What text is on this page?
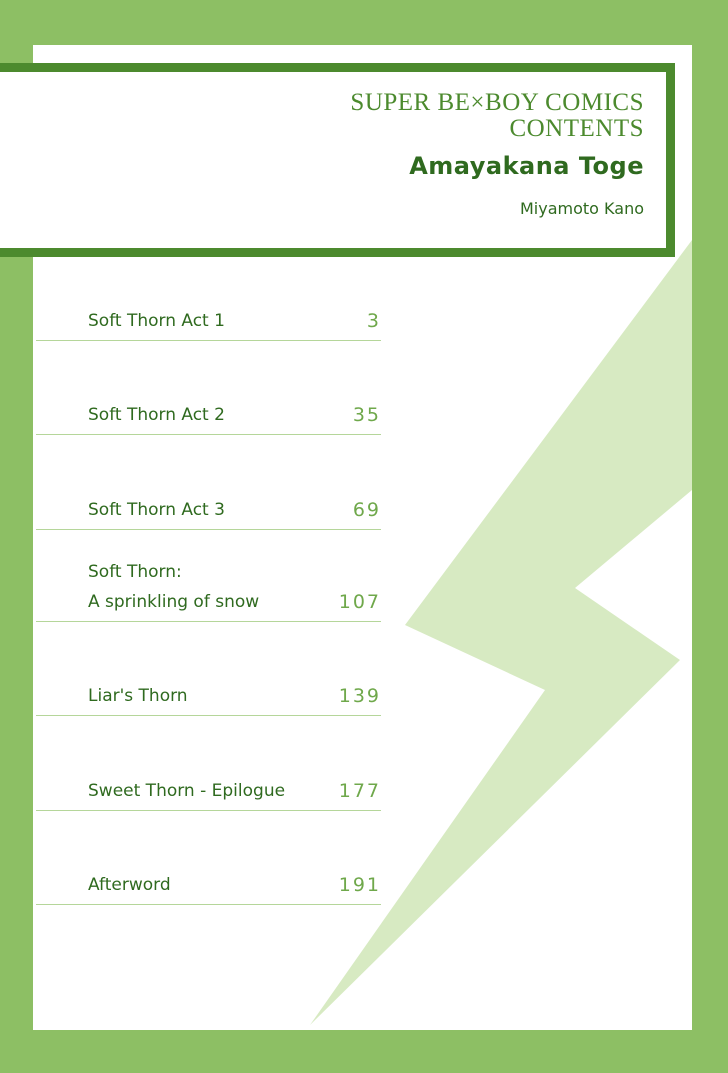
SUPER BE×BOY COMICS
CONTENTS
Amayakana Toge
Miyamoto Kano
Soft Thorn Act 1	3
Soft Thorn Act 2	35
Soft Thorn Act 3	69
Soft Thorn:
A sprinkling of snow	107
Liar's Thorn	139
Sweet Thorn - Epilogue	177
Afterword	191
